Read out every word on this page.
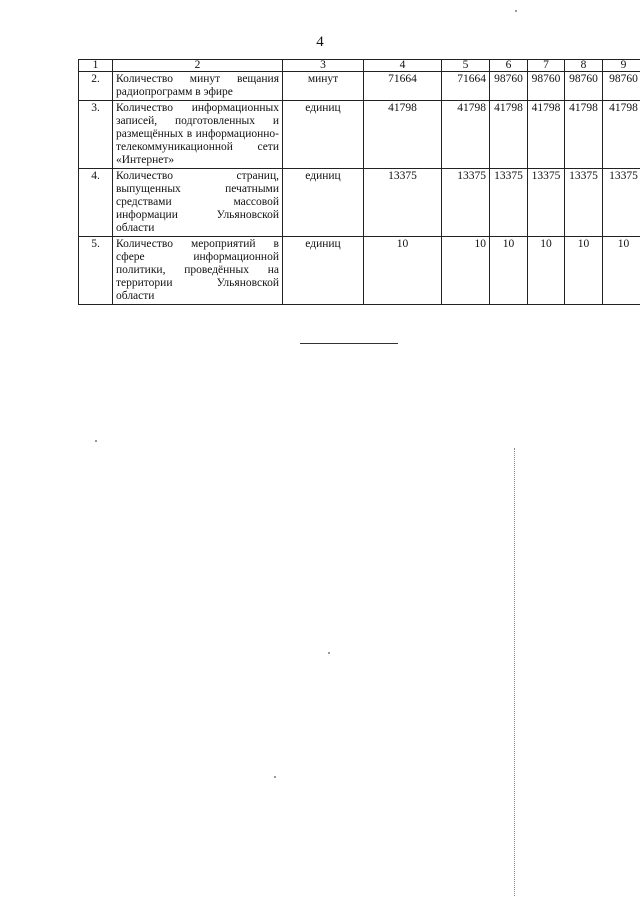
4
1	2	3	4	5	6	7	8	9
2.	Количество минут вещания радиопрограмм в эфире	минут	71664	71664	98760	98760	98760	98760
3.	Количество информационных записей, подготовленных и размещённых в информационно-телекоммуникационной сети «Интернет»	единиц	41798	41798	41798	41798	41798	41798
4.	Количество страниц, выпущенных печатными средствами массовой информации Ульяновской области	единиц	13375	13375	13375	13375	13375	13375
5.	Количество мероприятий в сфере информационной политики, проведённых на территории Ульяновской области	единиц	10	10	10	10	10	10
